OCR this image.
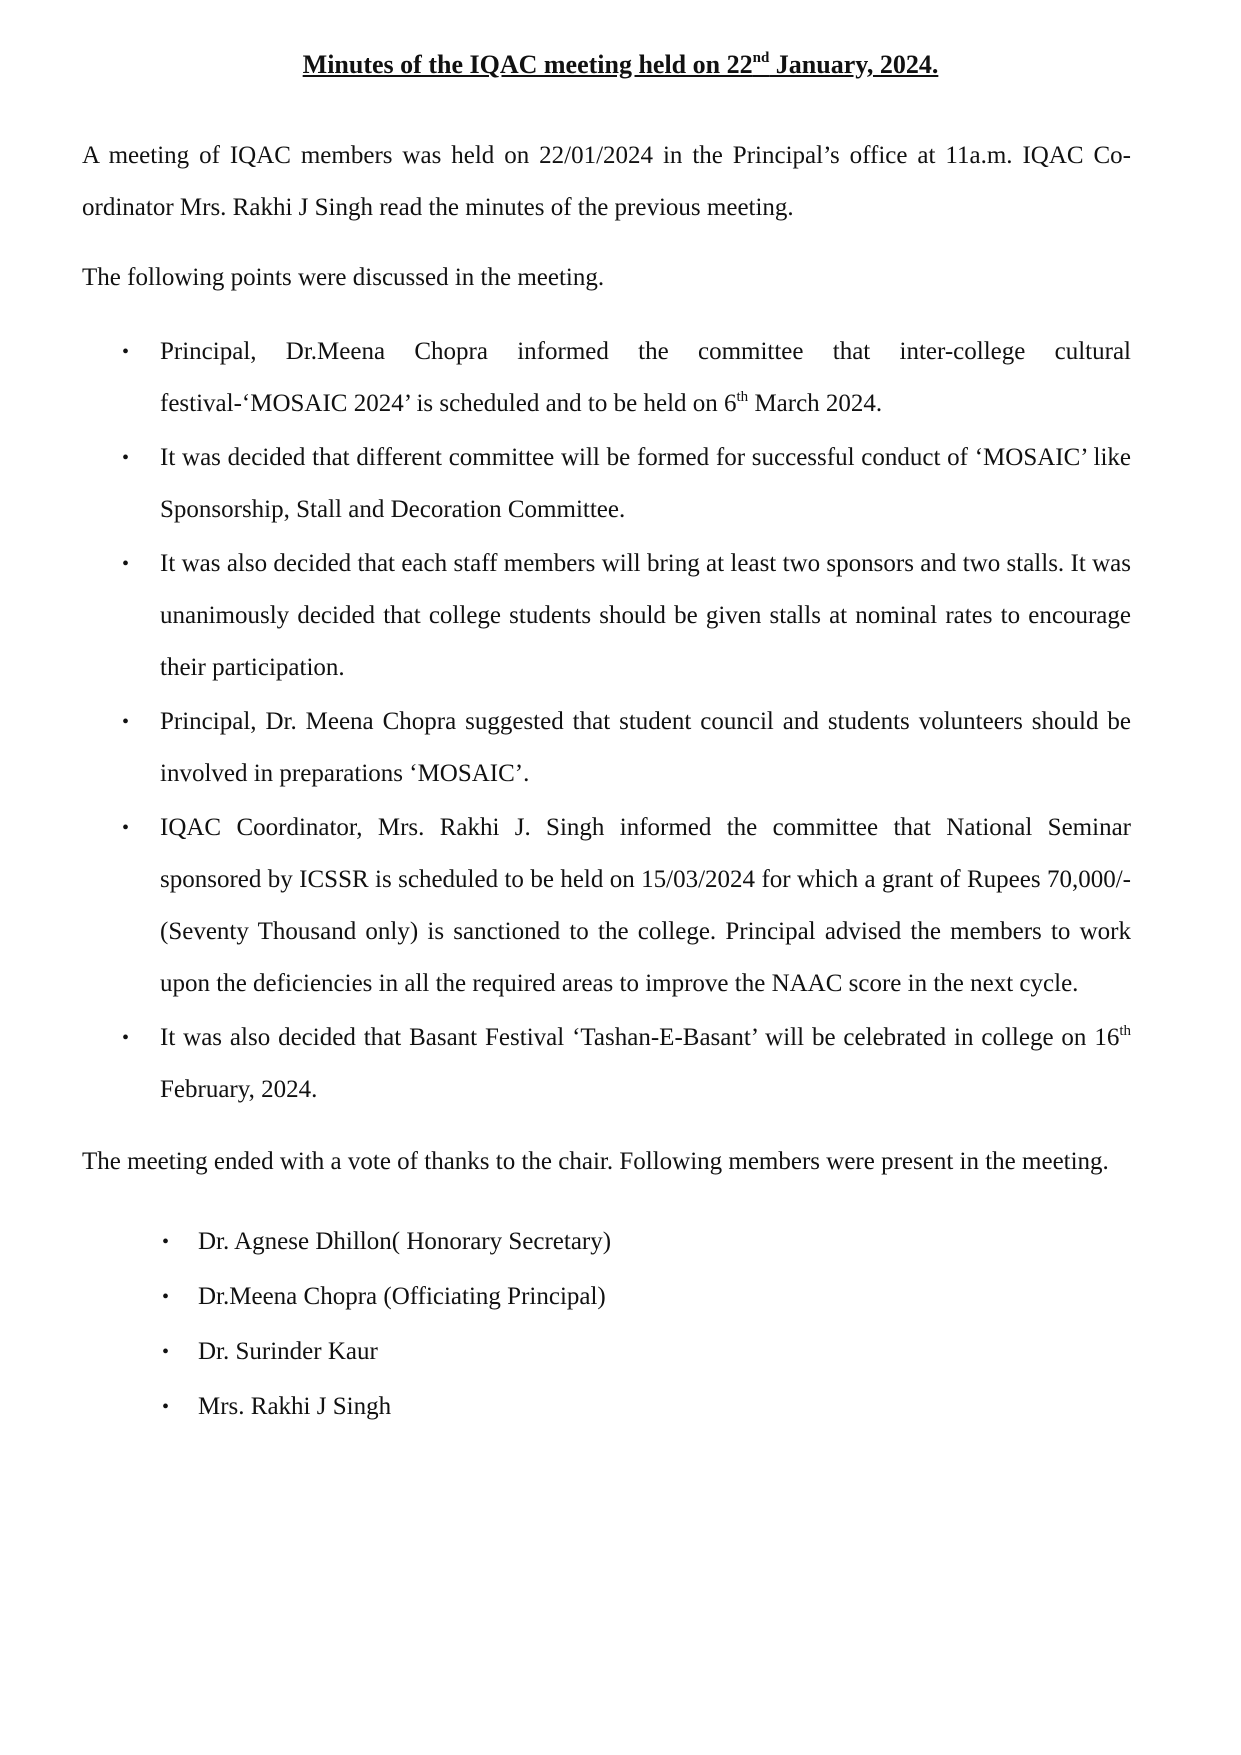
Minutes of the IQAC meeting held on 22nd January, 2024.

A meeting of IQAC members was held on 22/01/2024 in the Principal’s office at 11a.m. IQAC Co-ordinator Mrs. Rakhi J Singh read the minutes of the previous meeting.

The following points were discussed in the meeting.

• Principal, Dr.Meena Chopra informed the committee that inter-college cultural festival-‘MOSAIC 2024’ is scheduled and to be held on 6th March 2024.
• It was decided that different committee will be formed for successful conduct of ‘MOSAIC’ like Sponsorship, Stall and Decoration Committee.
• It was also decided that each staff members will bring at least two sponsors and two stalls. It was unanimously decided that college students should be given stalls at nominal rates to encourage their participation.
• Principal, Dr. Meena Chopra suggested that student council and students volunteers should be involved in preparations ‘MOSAIC’.
• IQAC Coordinator, Mrs. Rakhi J. Singh informed the committee that National Seminar sponsored by ICSSR is scheduled to be held on 15/03/2024 for which a grant of Rupees 70,000/-(Seventy Thousand only) is sanctioned to the college. Principal advised the members to work upon the deficiencies in all the required areas to improve the NAAC score in the next cycle.
• It was also decided that Basant Festival ‘Tashan-E-Basant’ will be celebrated in college on 16th February, 2024.

The meeting ended with a vote of thanks to the chair. Following members were present in the meeting.

• Dr. Agnese Dhillon( Honorary Secretary)
• Dr.Meena Chopra (Officiating Principal)
• Dr. Surinder Kaur
• Mrs. Rakhi J Singh
